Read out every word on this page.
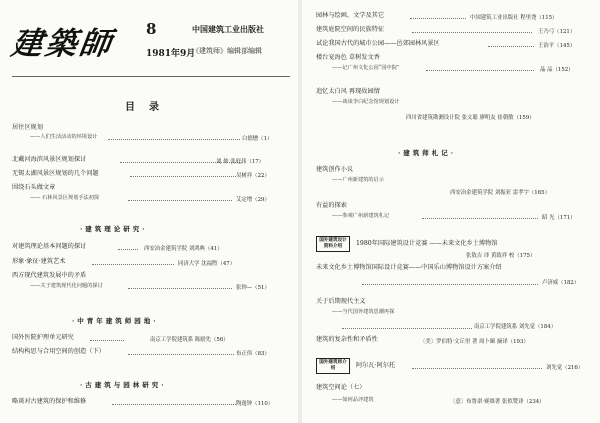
建築師 8
1981年9月
中国建筑工业出版社
《建筑师》编辑部编辑
目录
居住区规划
——人们生活活动的环境设计	白德懋（1）
北戴河海滨风景区规划探讨	刘 仲 张庭伟（17）
无锡太湖风景区规划的几个问题	吴树祥（22）
围绕石头做文章
—— 石林风景区规划手法初探	艾定增（29）
·建筑理论研究·
对建筑理论基本问题的探讨	西安冶金建筑学院 刘鸿典（41）
形象·象征·建筑艺术	同济大学 沈福煦（47）
西方现代建筑发展中的矛盾
——关于建筑现代化问题的探讨	张钟—（51）
·中青年建筑师园地·
国外医院护理单元研究	南京工学院建筑系 陈励先（56）
结构构思与合用空间的创造（下）	布正伟（83）
·古建筑与园林研究·
略谈对古建筑的保护和维修	陶逸钟（110）
园林与绘画、文学及其它	中国建筑工业出版社 程里尧（115）
建筑庭院空间的民族特征	王乃弓（121）
试论我国古代的城市公园——邑郊园林风景区	王治平（145）
楼台宠海色 草树发文香
——记广州文化公园“园中院”	晶 品（152）
追忆太白风 再现故园情
——谈谈李白纪念馆规划设计
四川省建筑勘测设计院 张文聪 廖明友 崔朝敏（159）
·建筑师札记·
建筑创作小议
——广州新建筑的启示
西安冶金建筑学院 刘振亚 雷孝宇（165）
有益的探索
——参观广州新建筑札记	昭 光（171）
国外建筑设计资料介绍	1980年国际建筑设计竞赛 ——未来文化乡土博物馆
张敖吉 译 黄致祥 校（175）
未来文化乡土博物馆国际设计竞赛——中国乐山博物馆设计方案介绍
卢济威（182）
关于后期现代主义
——当代国外建筑思潮再探
南京工学院建筑系 刘先觉（184）
建筑的复杂性和矛盾性	〔美〕罗伯特·文丘里 著 周卜颐 摘译（193）
国外建筑师介绍	阿尔瓦·阿尔托	刘先觉（216）
建筑空间论（七）
——如何品评建筑	〔意〕布鲁诺·赛维著 张似赞译（234）
